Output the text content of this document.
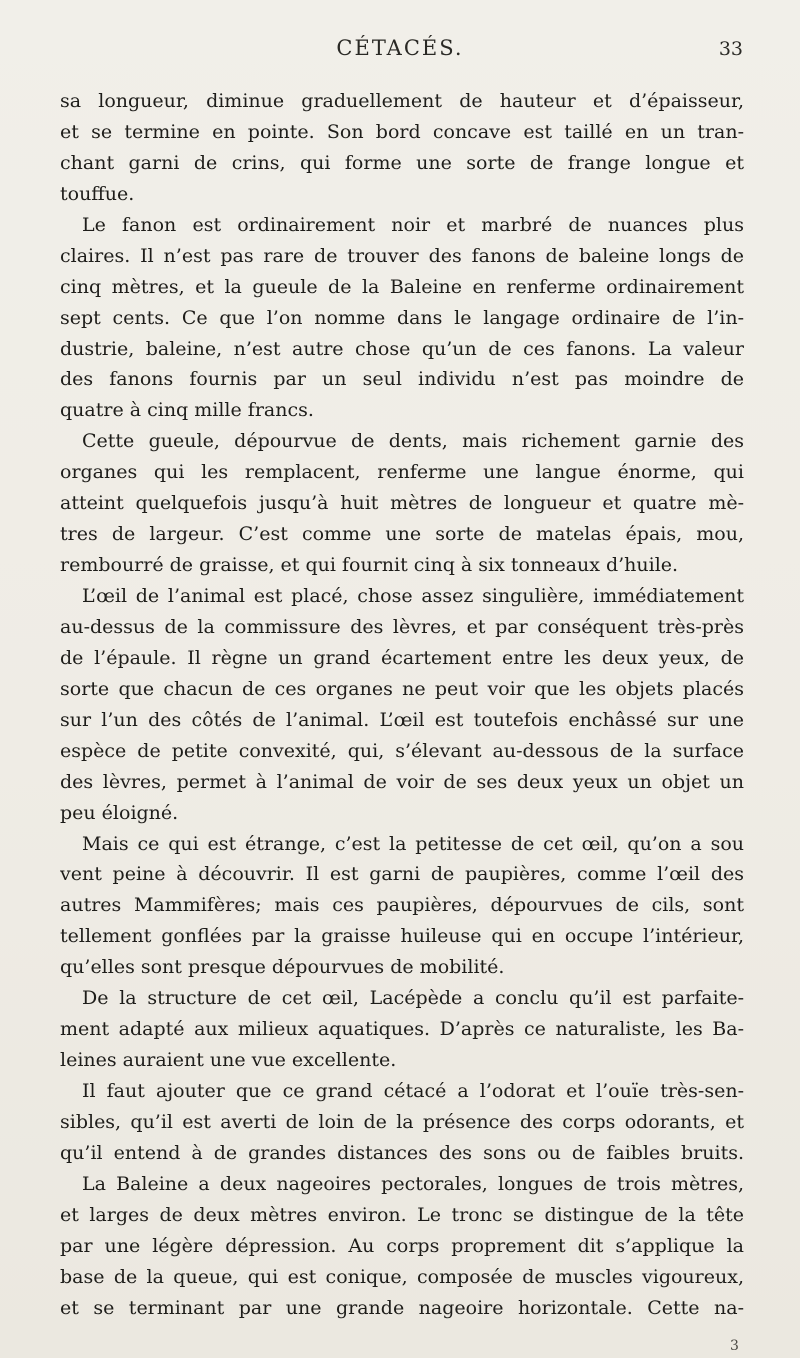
CÉTACÉS.	33
sa longueur, diminue graduellement de hauteur et d’épaisseur,
et se termine en pointe. Son bord concave est taillé en un tran-
chant garni de crins, qui forme une sorte de frange longue et
touffue.
Le fanon est ordinairement noir et marbré de nuances plus
claires. Il n’est pas rare de trouver des fanons de baleine longs de
cinq mètres, et la gueule de la Baleine en renferme ordinairement
sept cents. Ce que l’on nomme dans le langage ordinaire de l’in-
dustrie, baleine, n’est autre chose qu’un de ces fanons. La valeur
des fanons fournis par un seul individu n’est pas moindre de
quatre à cinq mille francs.
Cette gueule, dépourvue de dents, mais richement garnie des
organes qui les remplacent, renferme une langue énorme, qui
atteint quelquefois jusqu’à huit mètres de longueur et quatre mè-
tres de largeur. C’est comme une sorte de matelas épais, mou,
rembourré de graisse, et qui fournit cinq à six tonneaux d’huile.
L’œil de l’animal est placé, chose assez singulière, immédiatement
au-dessus de la commissure des lèvres, et par conséquent très-près
de l’épaule. Il règne un grand écartement entre les deux yeux, de
sorte que chacun de ces organes ne peut voir que les objets placés
sur l’un des côtés de l’animal. L’œil est toutefois enchâssé sur une
espèce de petite convexité, qui, s’élevant au-dessous de la surface
des lèvres, permet à l’animal de voir de ses deux yeux un objet un
peu éloigné.
Mais ce qui est étrange, c’est la petitesse de cet œil, qu’on a sou
vent peine à découvrir. Il est garni de paupières, comme l’œil des
autres Mammifères; mais ces paupières, dépourvues de cils, sont
tellement gonflées par la graisse huileuse qui en occupe l’intérieur,
qu’elles sont presque dépourvues de mobilité.
De la structure de cet œil, Lacépède a conclu qu’il est parfaite-
ment adapté aux milieux aquatiques. D’après ce naturaliste, les Ba-
leines auraient une vue excellente.
Il faut ajouter que ce grand cétacé a l’odorat et l’ouïe très-sen-
sibles, qu’il est averti de loin de la présence des corps odorants, et
qu’il entend à de grandes distances des sons ou de faibles bruits.
La Baleine a deux nageoires pectorales, longues de trois mètres,
et larges de deux mètres environ. Le tronc se distingue de la tête
par une légère dépression. Au corps proprement dit s’applique la
base de la queue, qui est conique, composée de muscles vigoureux,
et se terminant par une grande nageoire horizontale. Cette na-
3
